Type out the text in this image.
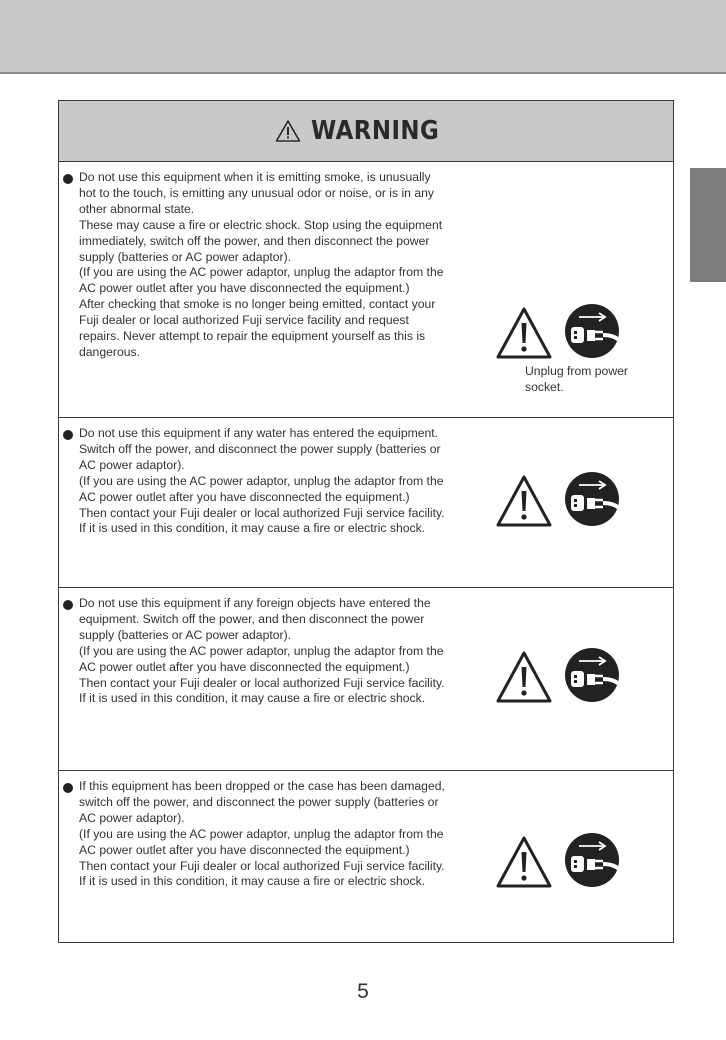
WARNING

Do not use this equipment when it is emitting smoke, is unusually hot to the touch, is emitting any unusual odor or noise, or is in any other abnormal state.

These may cause a fire or electric shock. Stop using the equipment immediately, switch off the power, and then disconnect the power supply (batteries or AC power adaptor).

(If you are using the AC power adaptor, unplug the adaptor from the AC power outlet after you have disconnected the equipment.)

After checking that smoke is no longer being emitted, contact your Fuji dealer or local authorized Fuji service facility and request repairs. Never attempt to repair the equipment yourself as this is dangerous.

Unplug from power socket.

Do not use this equipment if any water has entered the equipment. Switch off the power, and disconnect the power supply (batteries or AC power adaptor).

(If you are using the AC power adaptor, unplug the adaptor from the AC power outlet after you have disconnected the equipment.)

Then contact your Fuji dealer or local authorized Fuji service facility. If it is used in this condition, it may cause a fire or electric shock.

Do not use this equipment if any foreign objects have entered the equipment. Switch off the power, and then disconnect the power supply (batteries or AC power adaptor).

(If you are using the AC power adaptor, unplug the adaptor from the AC power outlet after you have disconnected the equipment.)

Then contact your Fuji dealer or local authorized Fuji service facility. If it is used in this condition, it may cause a fire or electric shock.

If this equipment has been dropped or the case has been damaged, switch off the power, and disconnect the power supply (batteries or AC power adaptor).

(If you are using the AC power adaptor, unplug the adaptor from the AC power outlet after you have disconnected the equipment.)

Then contact your Fuji dealer or local authorized Fuji service facility. If it is used in this condition, it may cause a fire or electric shock.

5
